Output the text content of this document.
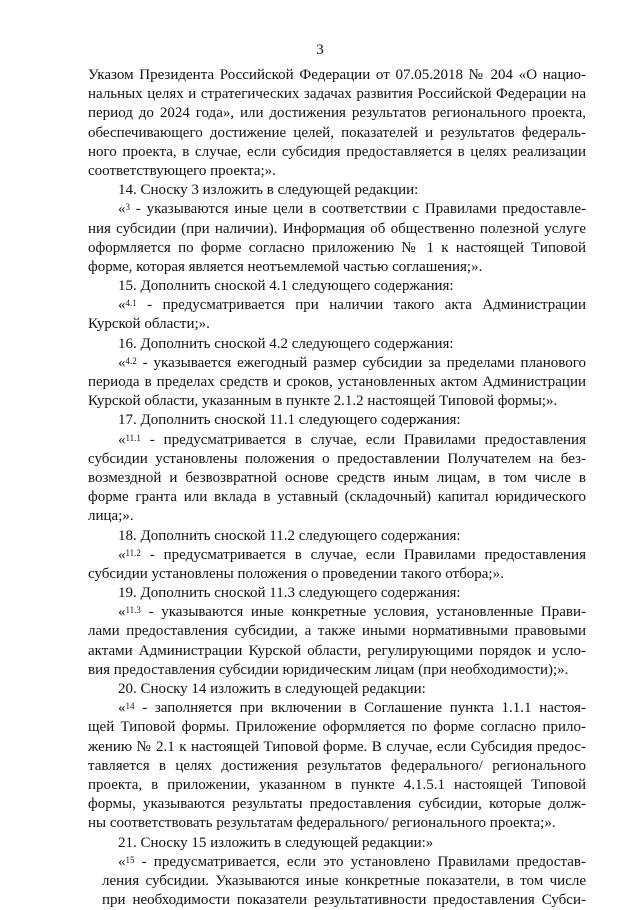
3
Указом Президента Российской Федерации от 07.05.2018 № 204 «О нацио-
нальных целях и стратегических задачах развития Российской Федерации на
период до 2024 года», или достижения результатов регионального проекта,
обеспечивающего достижение целей, показателей и результатов федераль-
ного проекта, в случае, если субсидия предоставляется в целях реализации
соответствующего проекта;».
14. Сноску 3 изложить в следующей редакции:
«$^3$ - указываются иные цели в соответствии с Правилами предоставле-
ния субсидии (при наличии). Информация об общественно полезной услуге
оформляется по форме согласно приложению № 1 к настоящей Типовой
форме, которая является неотъемлемой частью соглашения;».
15. Дополнить сноской 4.1 следующего содержания:
«$^{4.1}$ - предусматривается при наличии такого акта Администрации
Курской области;».
16. Дополнить сноской 4.2 следующего содержания:
«$^{4.2}$ - указывается ежегодный размер субсидии за пределами планового
периода в пределах средств и сроков, установленных актом Администрации
Курской области, указанным в пункте 2.1.2 настоящей Типовой формы;».
17. Дополнить сноской 11.1 следующего содержания:
«$^{11.1}$ - предусматривается в случае, если Правилами предоставления
субсидии установлены положения о предоставлении Получателем на без-
возмездной и безвозвратной основе средств иным лицам, в том числе в
форме гранта или вклада в уставный (складочный) капитал юридического
лица;».
18. Дополнить сноской 11.2 следующего содержания:
«$^{11.2}$ - предусматривается в случае, если Правилами предоставления
субсидии установлены положения о проведении такого отбора;».
19. Дополнить сноской 11.3 следующего содержания:
«$^{11.3}$ - указываются иные конкретные условия, установленные Прави-
лами предоставления субсидии, а также иными нормативными правовыми
актами Администрации Курской области, регулирующими порядок и усло-
вия предоставления субсидии юридическим лицам (при необходимости);».
20. Сноску 14 изложить в следующей редакции:
«$^{14}$ - заполняется при включении в Соглашение пункта 1.1.1 настоя-
щей Типовой формы. Приложение оформляется по форме согласно прило-
жению № 2.1 к настоящей Типовой форме. В случае, если Субсидия предос-
тавляется в целях достижения результатов федерального/ регионального
проекта, в приложении, указанном в пункте 4.1.5.1 настоящей Типовой
формы, указываются результаты предоставления субсидии, которые долж-
ны соответствовать результатам федерального/ регионального проекта;».
21. Сноску 15 изложить в следующей редакции:»
«$^{15}$ - предусматривается, если это установлено Правилами предостав-
ления субсидии. Указываются иные конкретные показатели, в том числе
при необходимости показатели результативности предоставления Субси-
